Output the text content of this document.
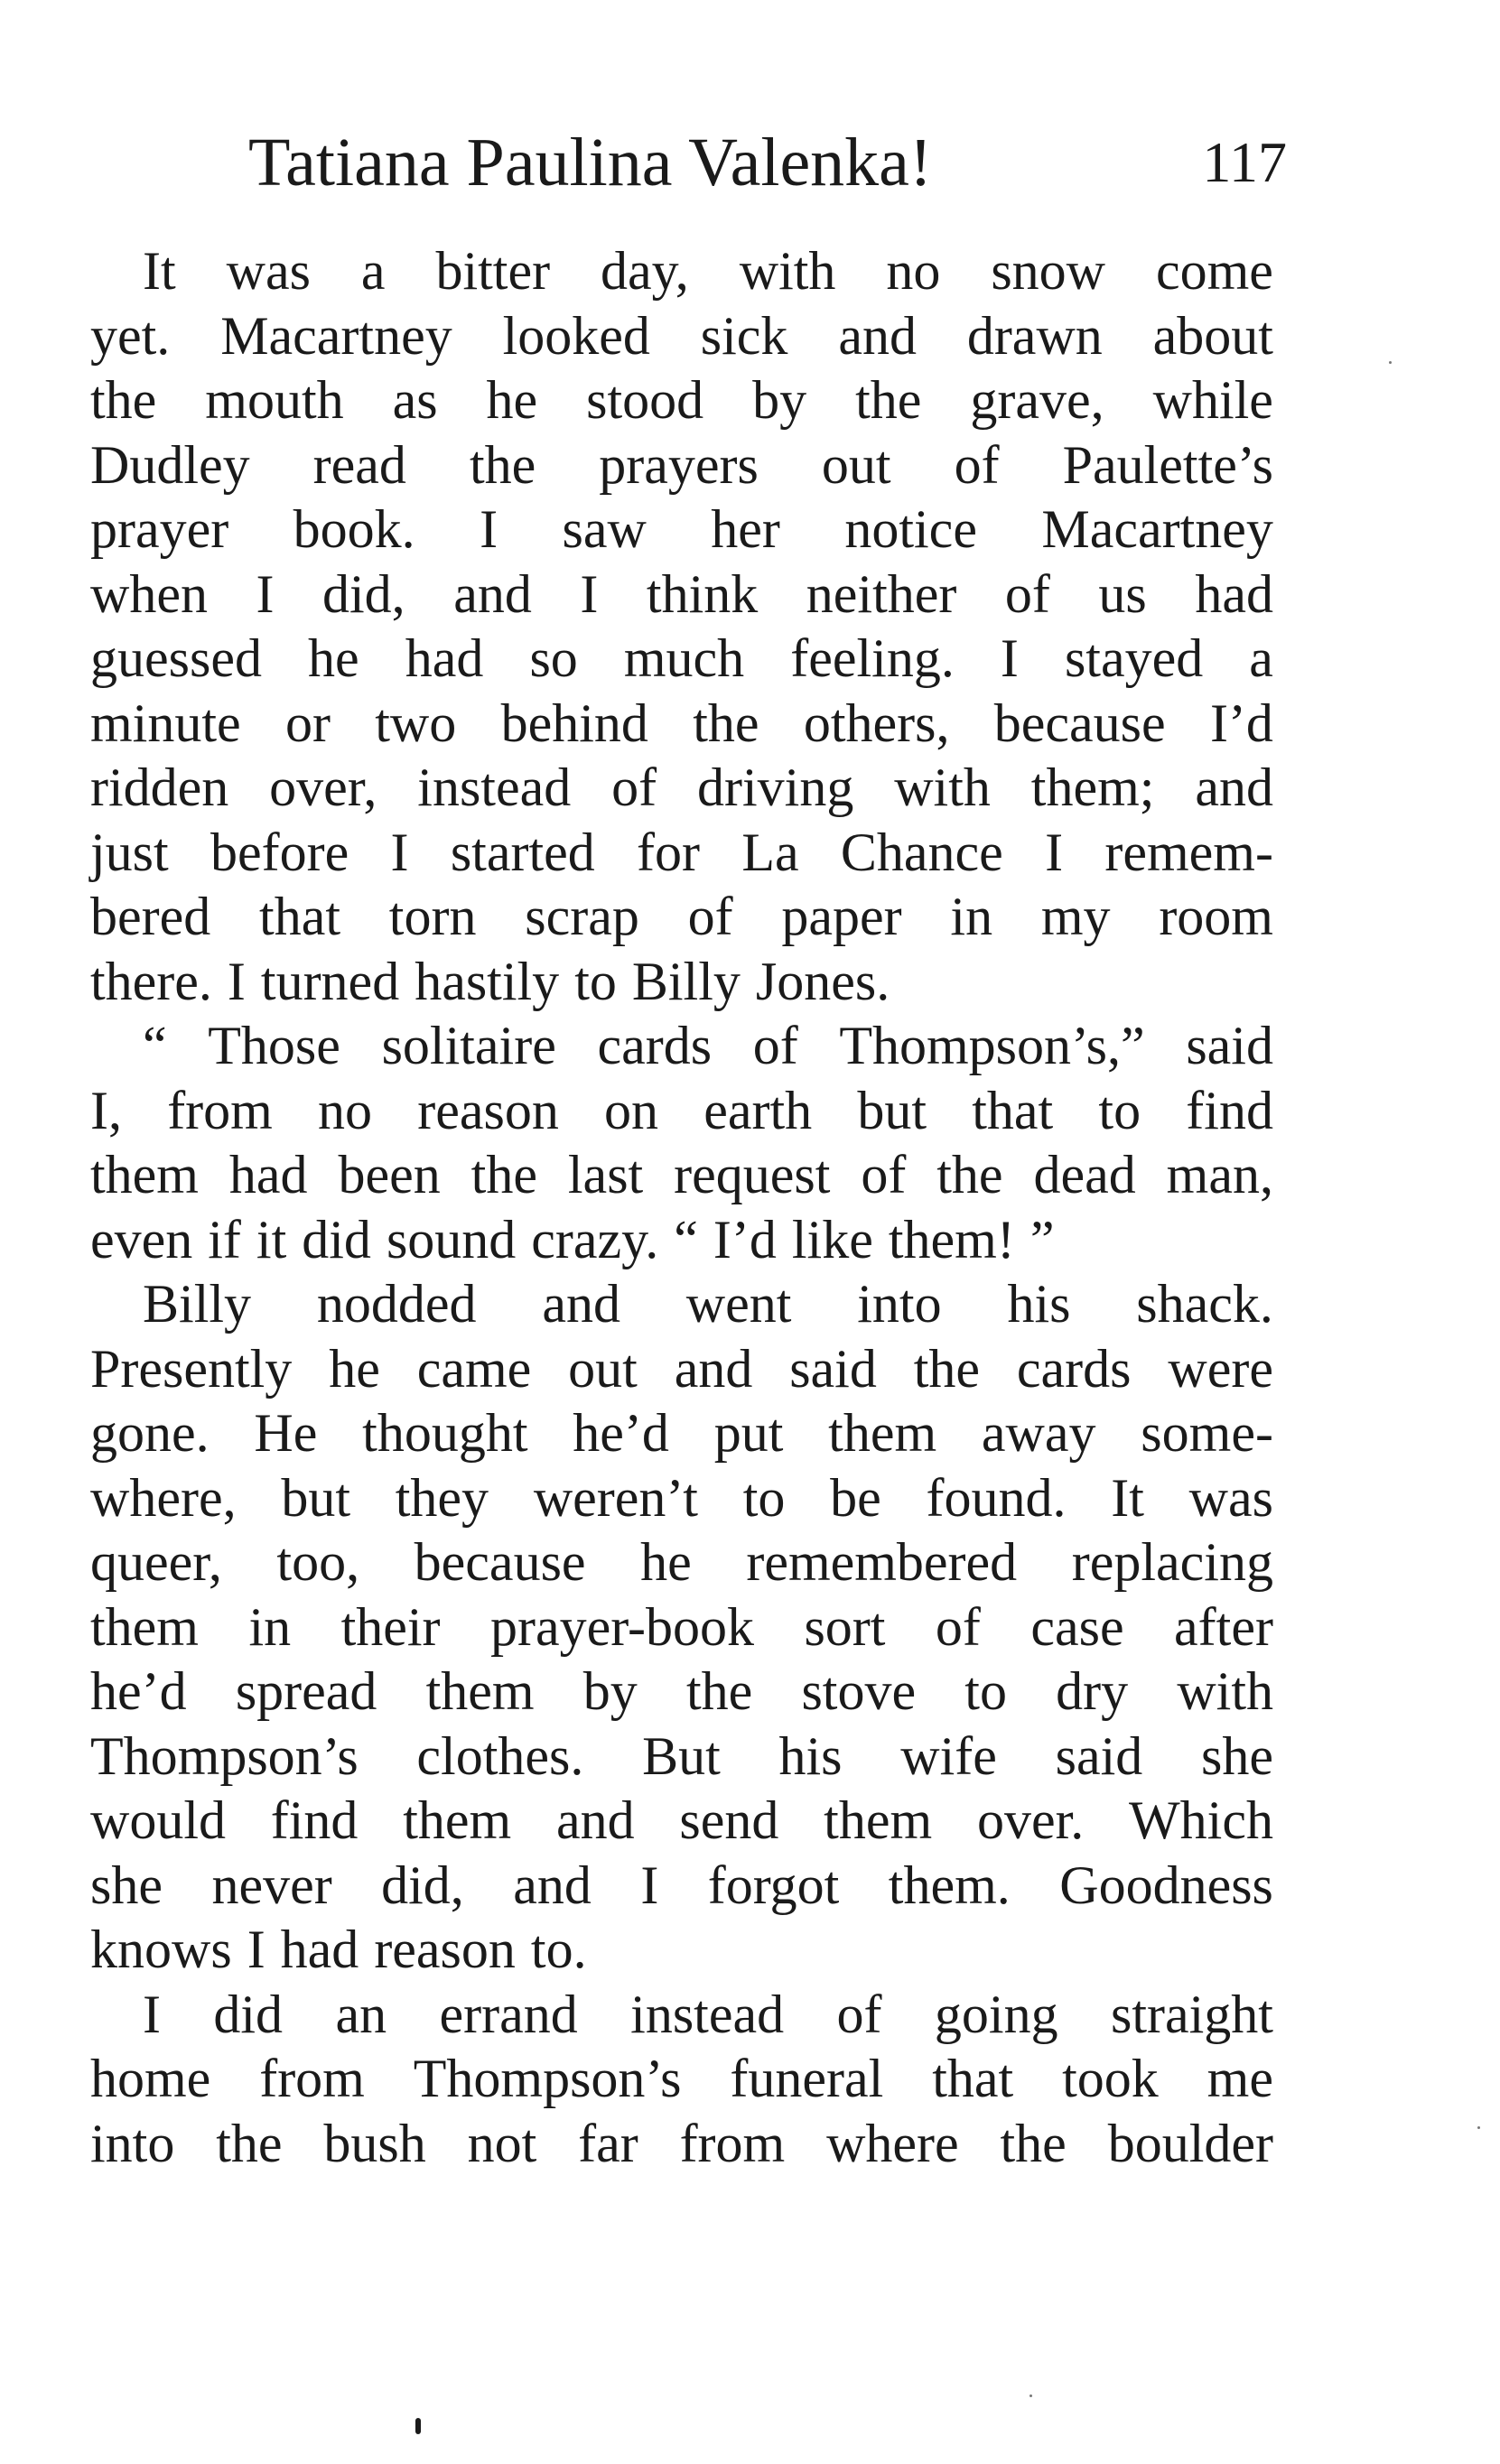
Tatiana Paulina Valenka!	117
It was a bitter day, with no snow come
yet. Macartney looked sick and drawn about
the mouth as he stood by the grave, while
Dudley read the prayers out of Paulette’s
prayer book. I saw her notice Macartney
when I did, and I think neither of us had
guessed he had so much feeling. I stayed a
minute or two behind the others, because I’d
ridden over, instead of driving with them; and
just before I started for La Chance I remem-
bered that torn scrap of paper in my room
there. I turned hastily to Billy Jones.
“ Those solitaire cards of Thompson’s,” said
I, from no reason on earth but that to find
them had been the last request of the dead man,
even if it did sound crazy. “ I’d like them! ”
Billy nodded and went into his shack.
Presently he came out and said the cards were
gone. He thought he’d put them away some-
where, but they weren’t to be found. It was
queer, too, because he remembered replacing
them in their prayer-book sort of case after
he’d spread them by the stove to dry with
Thompson’s clothes. But his wife said she
would find them and send them over. Which
she never did, and I forgot them. Goodness
knows I had reason to.
I did an errand instead of going straight
home from Thompson’s funeral that took me
into the bush not far from where the boulder
